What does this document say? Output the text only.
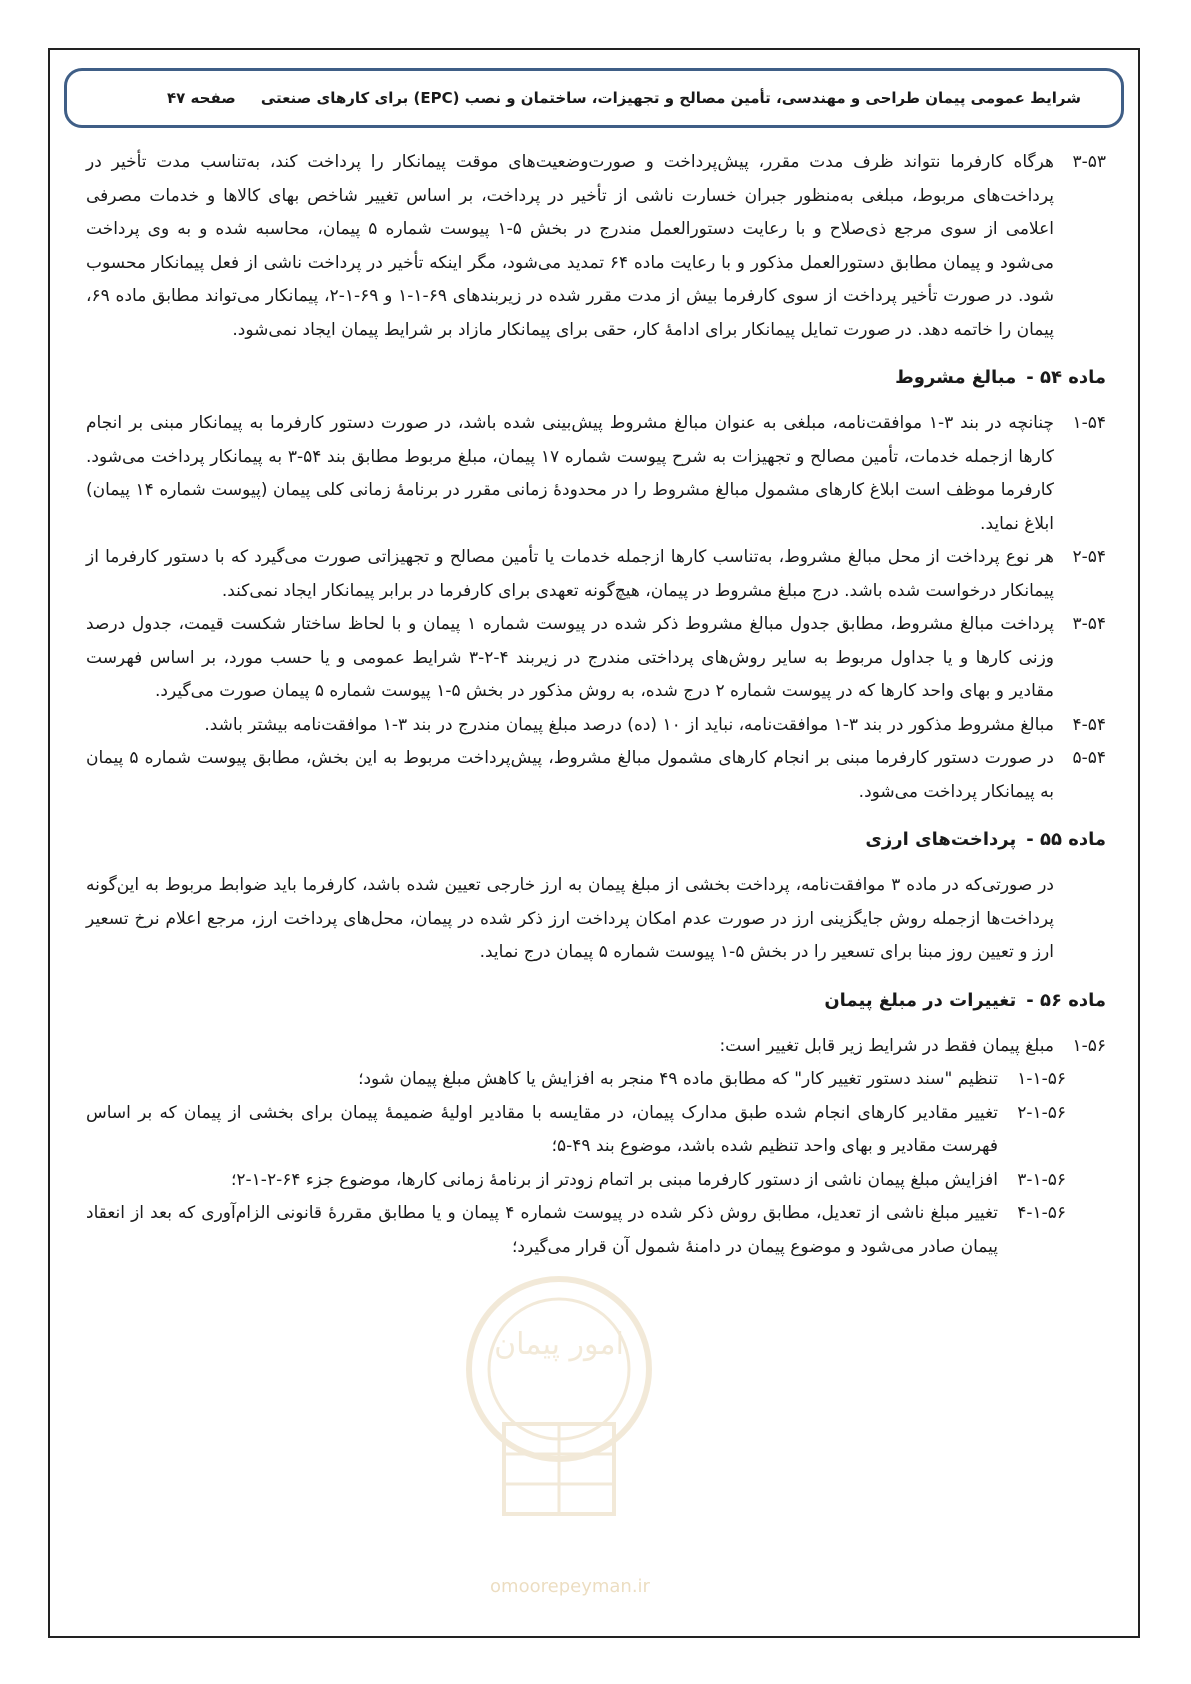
شرایط عمومی پیمان طراحی و مهندسی، تأمین مصالح و تجهیزات، ساختمان و نصب (EPC) برای کارهای صنعتی
صفحه ۴۷
امور پیمان
۳-۵۳
هرگاه کارفرما نتواند ظرف مدت مقرر، پیش‌پرداخت و صورت‌وضعیت‌های موقت پیمانکار را پرداخت کند، به‌تناسب مدت تأخیر در پرداخت‌های مربوط، مبلغی به‌منظور جبران خسارت ناشی از تأخیر در پرداخت، بر اساس تغییر شاخص بهای کالاها و خدمات مصرفی اعلامی از سوی مرجع ذی‌صلاح و با رعایت دستورالعمل مندرج در بخش ۵-۱ پیوست شماره ۵ پیمان، محاسبه شده و به وی پرداخت می‌شود و پیمان مطابق دستورالعمل مذکور و با رعایت ماده ۶۴ تمدید می‌شود، مگر اینکه تأخیر در پرداخت ناشی از فعل پیمانکار محسوب شود. در صورت تأخیر پرداخت از سوی کارفرما بیش از مدت مقرر شده در زیربندهای ۶۹-۱-۱ و ۶۹-۱-۲، پیمانکار می‌تواند مطابق ماده ۶۹، پیمان را خاتمه دهد. در صورت تمایل پیمانکار برای ادامهٔ کار، حقی برای پیمانکار مازاد بر شرایط پیمان ایجاد نمی‌شود.
ماده ۵۴ -مبالغ مشروط
۱-۵۴
چنانچه در بند ۳-۱ موافقت‌نامه، مبلغی به عنوان مبالغ مشروط پیش‌بینی شده باشد، در صورت دستور کارفرما به پیمانکار مبنی بر انجام کارها ازجمله خدمات، تأمین مصالح و تجهیزات به شرح پیوست شماره ۱۷ پیمان، مبلغ مربوط مطابق بند ۵۴-۳ به پیمانکار پرداخت می‌شود. کارفرما موظف است ابلاغ کارهای مشمول مبالغ مشروط را در محدودهٔ زمانی مقرر در برنامهٔ زمانی کلی پیمان (پیوست شماره ۱۴ پیمان) ابلاغ نماید.
۲-۵۴
هر نوع پرداخت از محل مبالغ مشروط، به‌تناسب کارها ازجمله خدمات یا تأمین مصالح و تجهیزاتی صورت می‌گیرد که با دستور کارفرما از پیمانکار درخواست شده باشد. درج مبلغ مشروط در پیمان، هیچ‌گونه تعهدی برای کارفرما در برابر پیمانکار ایجاد نمی‌کند.
۳-۵۴
پرداخت مبالغ مشروط، مطابق جدول مبالغ مشروط ذکر شده در پیوست شماره ۱ پیمان و با لحاظ ساختار شکست قیمت، جدول درصد وزنی کارها و یا جداول مربوط به سایر روش‌های پرداختی مندرج در زیربند ۴-۲-۳ شرایط عمومی و یا حسب مورد، بر اساس فهرست مقادیر و بهای واحد کارها که در پیوست شماره ۲ درج شده، به روش مذکور در بخش ۵-۱ پیوست شماره ۵ پیمان صورت می‌گیرد.
۴-۵۴
مبالغ مشروط مذکور در بند ۳-۱ موافقت‌نامه، نباید از ۱۰ (ده) درصد مبلغ پیمان مندرج در بند ۳-۱ موافقت‌نامه بیشتر باشد.
۵-۵۴
در صورت دستور کارفرما مبنی بر انجام کارهای مشمول مبالغ مشروط، پیش‌پرداخت مربوط به این بخش، مطابق پیوست شماره ۵ پیمان به پیمانکار پرداخت می‌شود.
ماده ۵۵ -پرداخت‌های ارزی
در صورتی‌که در ماده ۳ موافقت‌نامه، پرداخت بخشی از مبلغ پیمان به ارز خارجی تعیین شده باشد، کارفرما باید ضوابط مربوط به این‌گونه پرداخت‌ها ازجمله روش جایگزینی ارز در صورت عدم امکان پرداخت ارز ذکر شده در پیمان، محل‌های پرداخت ارز، مرجع اعلام نرخ تسعیر ارز و تعیین روز مبنا برای تسعیر را در بخش ۵-۱ پیوست شماره ۵ پیمان درج نماید.
ماده ۵۶ -تغییرات در مبلغ پیمان
۱-۵۶
مبلغ پیمان فقط در شرایط زیر قابل تغییر است:
۱-۱-۵۶
تنظیم "سند دستور تغییر کار" که مطابق ماده ۴۹ منجر به افزایش یا کاهش مبلغ پیمان شود؛
۲-۱-۵۶
تغییر مقادیر کارهای انجام شده طبق مدارک پیمان، در مقایسه با مقادیر اولیهٔ ضمیمهٔ پیمان برای بخشی از پیمان که بر اساس فهرست مقادیر و بهای واحد تنظیم شده باشد، موضوع بند ۴۹-۵؛
۳-۱-۵۶
افزایش مبلغ پیمان ناشی از دستور کارفرما مبنی بر اتمام زودتر از برنامهٔ زمانی کارها، موضوع جزء ۶۴-۲-۱-۲؛
۴-۱-۵۶
تغییر مبلغ ناشی از تعدیل، مطابق روش ذکر شده در پیوست شماره ۴ پیمان و یا مطابق مقررهٔ قانونی الزام‌آوری که بعد از انعقاد پیمان صادر می‌شود و موضوع پیمان در دامنهٔ شمول آن قرار می‌گیرد؛
omoorepeyman.ir
